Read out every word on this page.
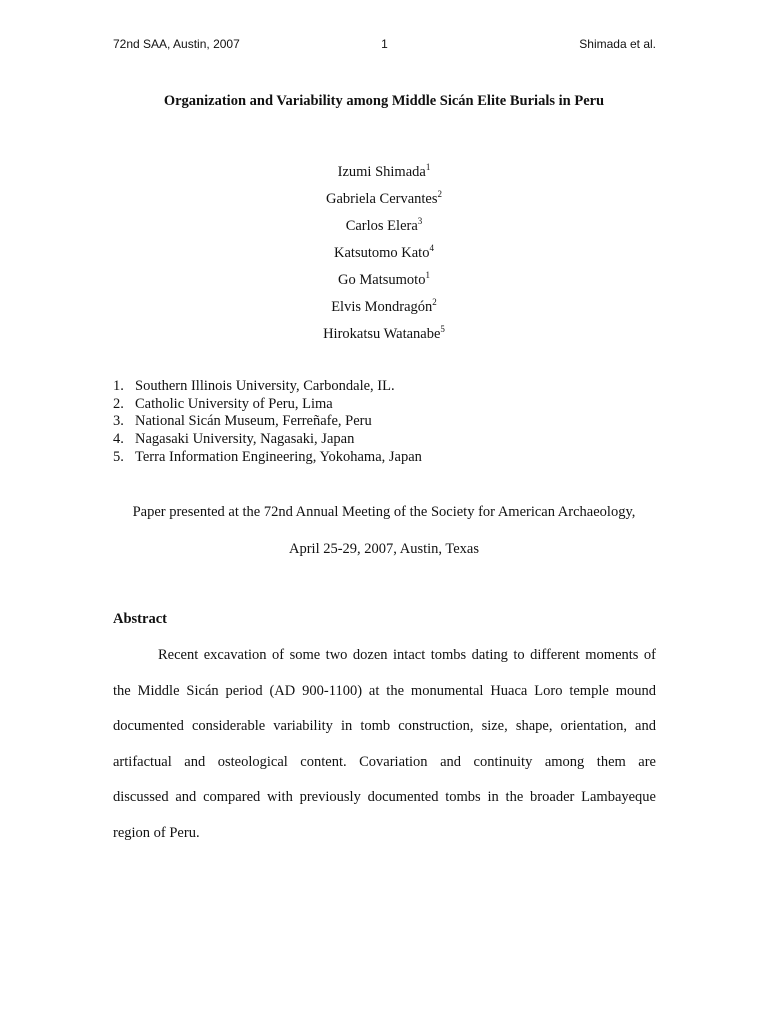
72nd SAA, Austin, 2007	1	Shimada et al.
Organization and Variability among Middle Sicán Elite Burials in Peru
Izumi Shimada$^1$
Gabriela Cervantes$^2$
Carlos Elera$^3$
Katsutomo Kato$^4$
Go Matsumoto$^1$
Elvis Mondragón$^2$
Hirokatsu Watanabe$^5$
1. Southern Illinois University, Carbondale, IL.
2. Catholic University of Peru, Lima
3. National Sicán Museum, Ferreñafe, Peru
4. Nagasaki University, Nagasaki, Japan
5. Terra Information Engineering, Yokohama, Japan
Paper presented at the 72nd Annual Meeting of the Society for American Archaeology,
April 25-29, 2007, Austin, Texas
Abstract
Recent excavation of some two dozen intact tombs dating to different moments of
the Middle Sicán period (AD 900-1100) at the monumental Huaca Loro temple mound
documented considerable variability in tomb construction, size, shape, orientation, and
artifactual and osteological content. Covariation and continuity among them are
discussed and compared with previously documented tombs in the broader Lambayeque
region of Peru.
